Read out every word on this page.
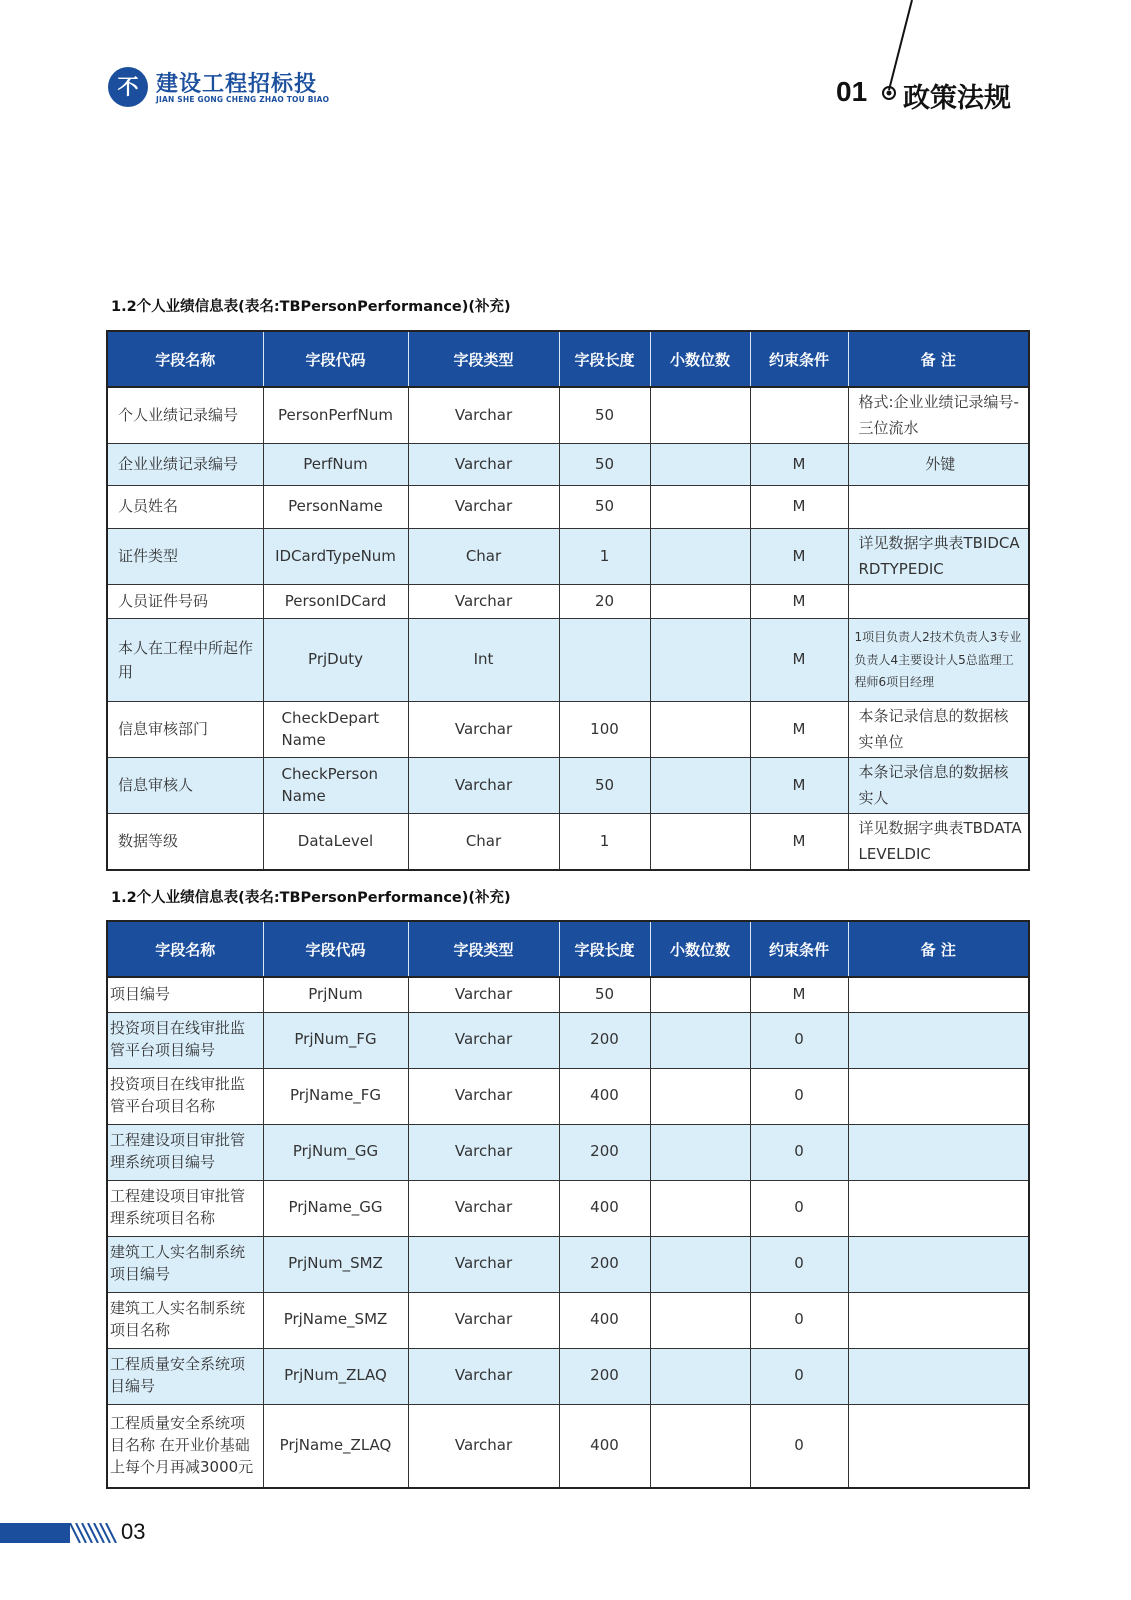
不 建设工程招标投
JIAN SHE GONG CHENG ZHAO TOU BIAO	01 政策法规
1.2个人业绩信息表(表名:TBPersonPerformance)(补充)
字段名称	字段代码	字段类型	字段长度	小数位数	约束条件	备 注
个人业绩记录编号	PersonPerfNum	Varchar	50			格式:企业业绩记录编号-三位流水
企业业绩记录编号	PerfNum	Varchar	50		M	外键
人员姓名	PersonName	Varchar	50		M	
证件类型	IDCardTypeNum	Char	1		M	详见数据字典表TBIDCARDTYPEDIC
人员证件号码	PersonIDCard	Varchar	20		M	
本人在工程中所起作用	PrjDuty	Int			M	1项目负责人2技术负责人3专业负责人4主要设计人5总监理工程师6项目经理
信息审核部门	CheckDepart Name	Varchar	100		M	本条记录信息的数据核实单位
信息审核人	CheckPerson Name	Varchar	50		M	本条记录信息的数据核实人
数据等级	DataLevel	Char	1		M	详见数据字典表TBDATALEVELDIC
1.2个人业绩信息表(表名:TBPersonPerformance)(补充)
字段名称	字段代码	字段类型	字段长度	小数位数	约束条件	备 注
项目编号	PrjNum	Varchar	50		M	
投资项目在线审批监管平台项目编号	PrjNum_FG	Varchar	200		0	
投资项目在线审批监管平台项目名称	PrjName_FG	Varchar	400		0	
工程建设项目审批管理系统项目编号	PrjNum_GG	Varchar	200		0	
工程建设项目审批管理系统项目名称	PrjName_GG	Varchar	400		0	
建筑工人实名制系统项目编号	PrjNum_SMZ	Varchar	200		0	
建筑工人实名制系统项目名称	PrjName_SMZ	Varchar	400		0	
工程质量安全系统项目编号	PrjNum_ZLAQ	Varchar	200		0	
工程质量安全系统项目名称 在开业价基础上每个月再减3000元	PrjName_ZLAQ	Varchar	400		0	
03
